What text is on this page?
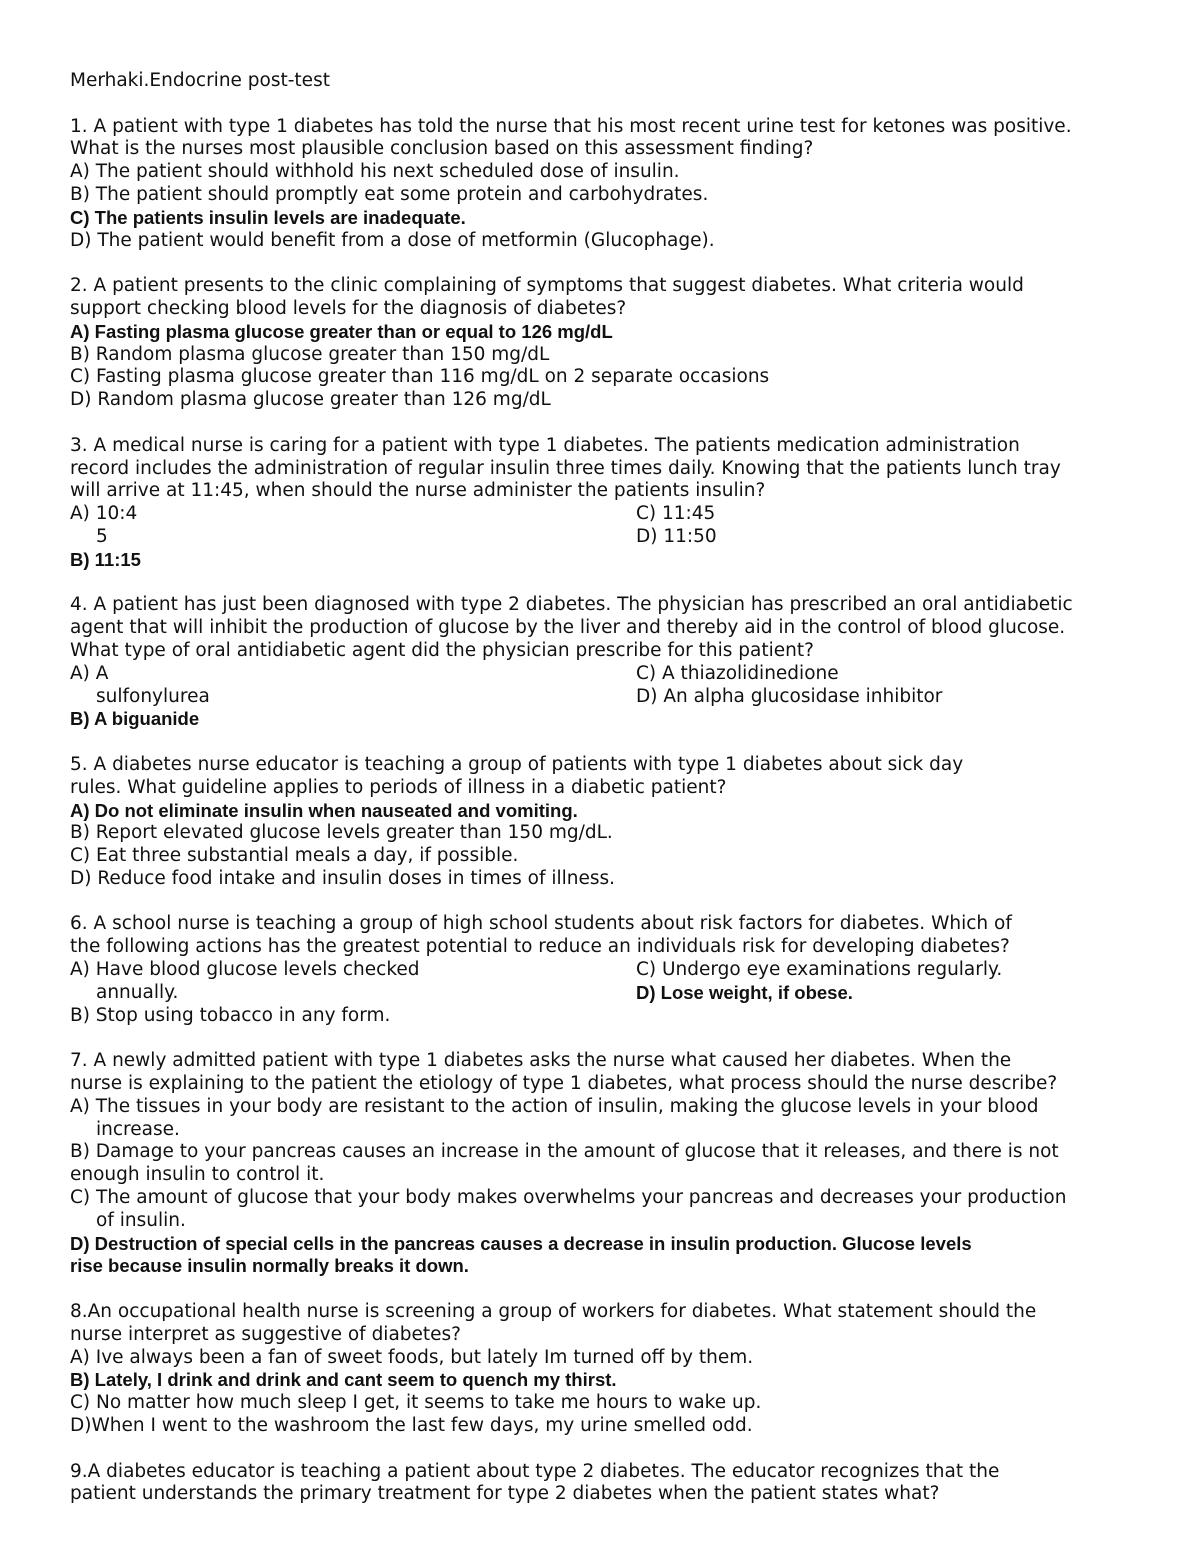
Merhaki.Endocrine post-test
1. A patient with type 1 diabetes has told the nurse that his most recent urine test for ketones was positive.
What is the nurses most plausible conclusion based on this assessment finding?
A) The patient should withhold his next scheduled dose of insulin.
B) The patient should promptly eat some protein and carbohydrates.
C) The patients insulin levels are inadequate.
D) The patient would benefit from a dose of metformin (Glucophage).
2. A patient presents to the clinic complaining of symptoms that suggest diabetes. What criteria would
support checking blood levels for the diagnosis of diabetes?
A) Fasting plasma glucose greater than or equal to 126 mg/dL
B) Random plasma glucose greater than 150 mg/dL
C) Fasting plasma glucose greater than 116 mg/dL on 2 separate occasions
D) Random plasma glucose greater than 126 mg/dL
3. A medical nurse is caring for a patient with type 1 diabetes. The patients medication administration
record includes the administration of regular insulin three times daily. Knowing that the patients lunch tray
will arrive at 11:45, when should the nurse administer the patients insulin?
A) 10:4	C) 11:45
5	D) 11:50
B) 11:15
4. A patient has just been diagnosed with type 2 diabetes. The physician has prescribed an oral antidiabetic
agent that will inhibit the production of glucose by the liver and thereby aid in the control of blood glucose.
What type of oral antidiabetic agent did the physician prescribe for this patient?
A) A	C) A thiazolidinedione
sulfonylurea	D) An alpha glucosidase inhibitor
B) A biguanide
5. A diabetes nurse educator is teaching a group of patients with type 1 diabetes about sick day
rules. What guideline applies to periods of illness in a diabetic patient?
A) Do not eliminate insulin when nauseated and vomiting.
B) Report elevated glucose levels greater than 150 mg/dL.
C) Eat three substantial meals a day, if possible.
D) Reduce food intake and insulin doses in times of illness.
6. A school nurse is teaching a group of high school students about risk factors for diabetes. Which of
the following actions has the greatest potential to reduce an individuals risk for developing diabetes?
A) Have blood glucose levels checked	C) Undergo eye examinations regularly.
annually.	D) Lose weight, if obese.
B) Stop using tobacco in any form.
7. A newly admitted patient with type 1 diabetes asks the nurse what caused her diabetes. When the
nurse is explaining to the patient the etiology of type 1 diabetes, what process should the nurse describe?
A) The tissues in your body are resistant to the action of insulin, making the glucose levels in your blood
increase.
B) Damage to your pancreas causes an increase in the amount of glucose that it releases, and there is not
enough insulin to control it.
C) The amount of glucose that your body makes overwhelms your pancreas and decreases your production
of insulin.
D) Destruction of special cells in the pancreas causes a decrease in insulin production. Glucose levels
rise because insulin normally breaks it down.
8.An occupational health nurse is screening a group of workers for diabetes. What statement should the
nurse interpret as suggestive of diabetes?
A) Ive always been a fan of sweet foods, but lately Im turned off by them.
B) Lately, I drink and drink and cant seem to quench my thirst.
C) No matter how much sleep I get, it seems to take me hours to wake up.
D)When I went to the washroom the last few days, my urine smelled odd.
9.A diabetes educator is teaching a patient about type 2 diabetes. The educator recognizes that the
patient understands the primary treatment for type 2 diabetes when the patient states what?
